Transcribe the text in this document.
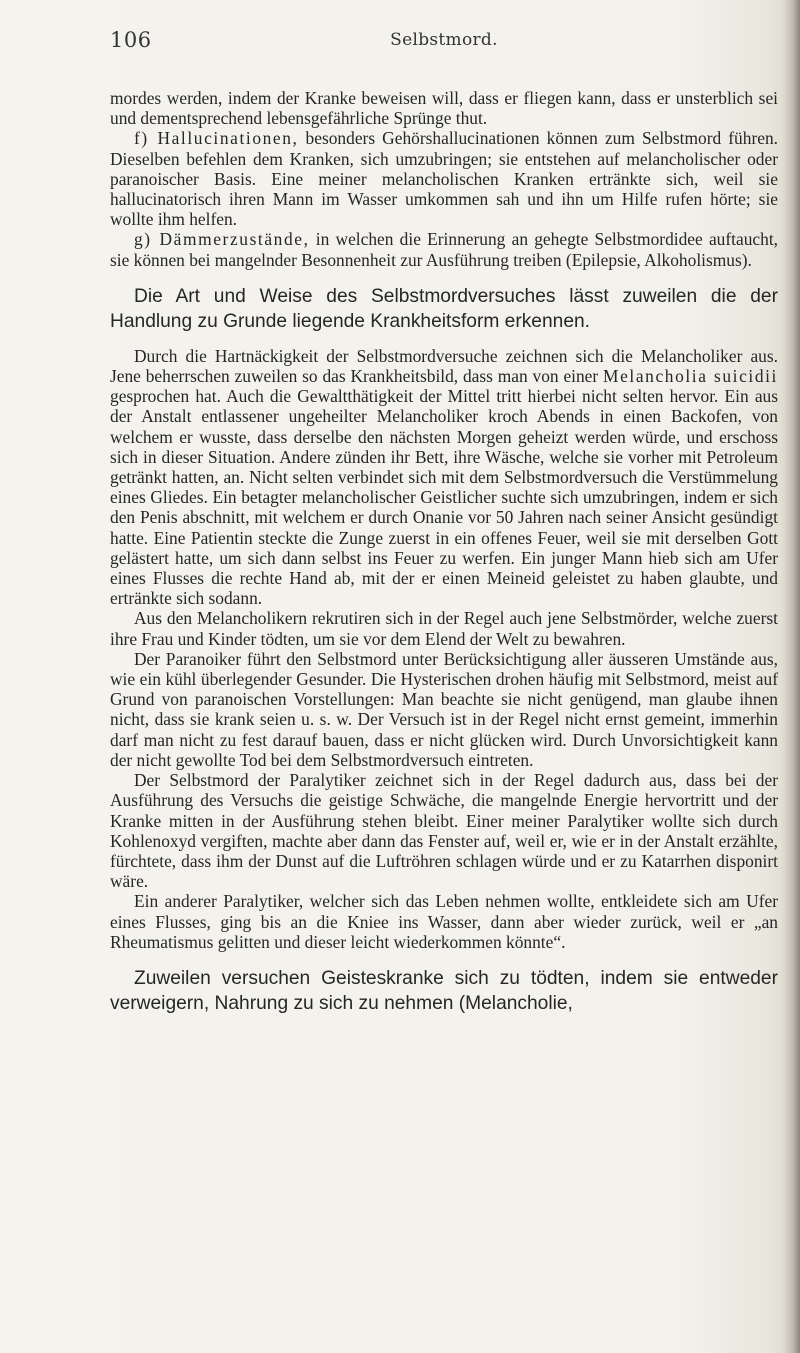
106	Selbstmord.

mordes werden, indem der Kranke beweisen will, dass er fliegen kann, dass er unsterblich sei und dementsprechend lebensgefährliche Sprünge thut.

f) Hallucinationen, besonders Gehörshallucinationen können zum Selbstmord führen. Dieselben befehlen dem Kranken, sich umzubringen; sie entstehen auf melancholischer oder paranoischer Basis. Eine meiner melancholischen Kranken ertränkte sich, weil sie hallucinatorisch ihren Mann im Wasser umkommen sah und ihn um Hilfe rufen hörte; sie wollte ihm helfen.

g) Dämmerzustände, in welchen die Erinnerung an gehegte Selbstmordidee auftaucht, sie können bei mangelnder Besonnenheit zur Ausführung treiben (Epilepsie, Alkoholismus).

Die Art und Weise des Selbstmordversuches lässt zuweilen die der Handlung zu Grunde liegende Krankheitsform erkennen.

Durch die Hartnäckigkeit der Selbstmordversuche zeichnen sich die Melancholiker aus. Jene beherrschen zuweilen so das Krankheitsbild, dass man von einer Melancholia suicidii gesprochen hat. Auch die Gewaltthätigkeit der Mittel tritt hierbei nicht selten hervor. Ein aus der Anstalt entlassener ungeheilter Melancholiker kroch Abends in einen Backofen, von welchem er wusste, dass derselbe den nächsten Morgen geheizt werden würde, und erschoss sich in dieser Situation. Andere zünden ihr Bett, ihre Wäsche, welche sie vorher mit Petroleum getränkt hatten, an. Nicht selten verbindet sich mit dem Selbstmordversuch die Verstümmelung eines Gliedes. Ein betagter melancholischer Geistlicher suchte sich umzubringen, indem er sich den Penis abschnitt, mit welchem er durch Onanie vor 50 Jahren nach seiner Ansicht gesündigt hatte. Eine Patientin steckte die Zunge zuerst in ein offenes Feuer, weil sie mit derselben Gott gelästert hatte, um sich dann selbst ins Feuer zu werfen. Ein junger Mann hieb sich am Ufer eines Flusses die rechte Hand ab, mit der er einen Meineid geleistet zu haben glaubte, und ertränkte sich sodann.

Aus den Melancholikern rekrutiren sich in der Regel auch jene Selbstmörder, welche zuerst ihre Frau und Kinder tödten, um sie vor dem Elend der Welt zu bewahren.

Der Paranoiker führt den Selbstmord unter Berücksichtigung aller äusseren Umstände aus, wie ein kühl überlegender Gesunder. Die Hysterischen drohen häufig mit Selbstmord, meist auf Grund von paranoischen Vorstellungen: Man beachte sie nicht genügend, man glaube ihnen nicht, dass sie krank seien u. s. w. Der Versuch ist in der Regel nicht ernst gemeint, immerhin darf man nicht zu fest darauf bauen, dass er nicht glücken wird. Durch Unvorsichtigkeit kann der nicht gewollte Tod bei dem Selbstmordversuch eintreten.

Der Selbstmord der Paralytiker zeichnet sich in der Regel dadurch aus, dass bei der Ausführung des Versuchs die geistige Schwäche, die mangelnde Energie hervortritt und der Kranke mitten in der Ausführung stehen bleibt. Einer meiner Paralytiker wollte sich durch Kohlenoxyd vergiften, machte aber dann das Fenster auf, weil er, wie er in der Anstalt erzählte, fürchtete, dass ihm der Dunst auf die Luftröhren schlagen würde und er zu Katarrhen disponirt wäre.

Ein anderer Paralytiker, welcher sich das Leben nehmen wollte, entkleidete sich am Ufer eines Flusses, ging bis an die Kniee ins Wasser, dann aber wieder zurück, weil er „an Rheumatismus gelitten und dieser leicht wiederkommen könnte“.

Zuweilen versuchen Geisteskranke sich zu tödten, indem sie entweder verweigern, Nahrung zu sich zu nehmen (Melancholie,
